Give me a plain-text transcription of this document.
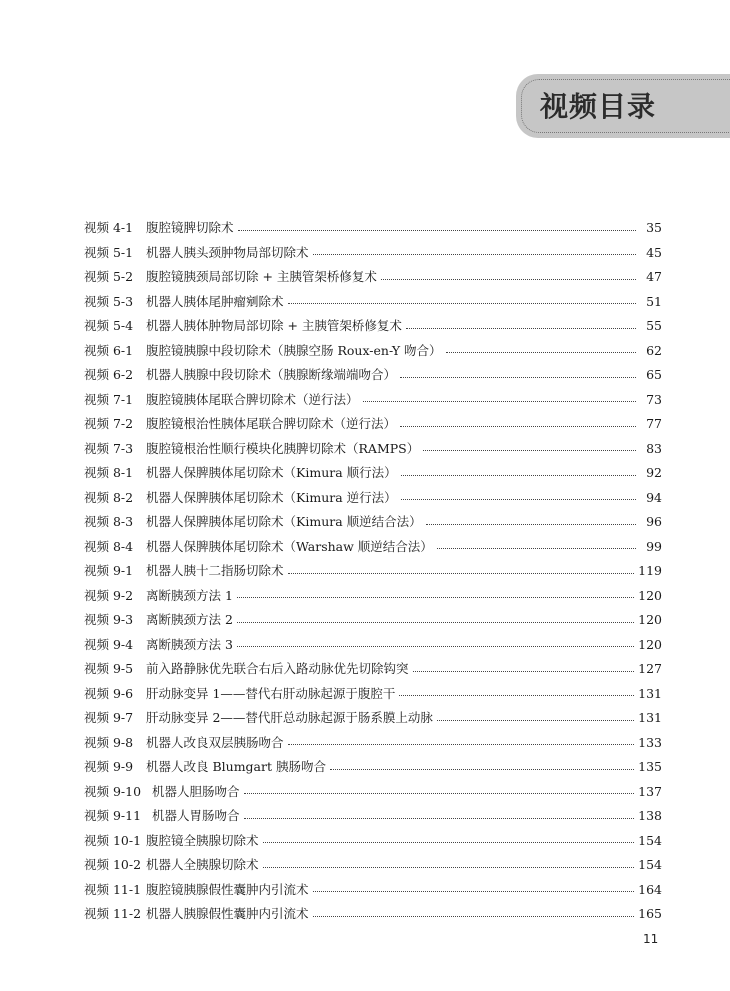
视频目录
视频 4-1	腹腔镜脾切除术	35
视频 5-1	机器人胰头颈肿物局部切除术	45
视频 5-2	腹腔镜胰颈局部切除 + 主胰管架桥修复术	47
视频 5-3	机器人胰体尾肿瘤剜除术	51
视频 5-4	机器人胰体肿物局部切除 + 主胰管架桥修复术	55
视频 6-1	腹腔镜胰腺中段切除术（胰腺空肠 Roux-en-Y 吻合）	62
视频 6-2	机器人胰腺中段切除术（胰腺断缘端端吻合）	65
视频 7-1	腹腔镜胰体尾联合脾切除术（逆行法）	73
视频 7-2	腹腔镜根治性胰体尾联合脾切除术（逆行法）	77
视频 7-3	腹腔镜根治性顺行模块化胰脾切除术（RAMPS）	83
视频 8-1	机器人保脾胰体尾切除术（Kimura 顺行法）	92
视频 8-2	机器人保脾胰体尾切除术（Kimura 逆行法）	94
视频 8-3	机器人保脾胰体尾切除术（Kimura 顺逆结合法）	96
视频 8-4	机器人保脾胰体尾切除术（Warshaw 顺逆结合法）	99
视频 9-1	机器人胰十二指肠切除术	119
视频 9-2	离断胰颈方法 1	120
视频 9-3	离断胰颈方法 2	120
视频 9-4	离断胰颈方法 3	120
视频 9-5	前入路静脉优先联合右后入路动脉优先切除钩突	127
视频 9-6	肝动脉变异 1——替代右肝动脉起源于腹腔干	131
视频 9-7	肝动脉变异 2——替代肝总动脉起源于肠系膜上动脉	131
视频 9-8	机器人改良双层胰肠吻合	133
视频 9-9	机器人改良 Blumgart 胰肠吻合	135
视频 9-10 机器人胆肠吻合	137
视频 9-11 机器人胃肠吻合	138
视频 10-1 腹腔镜全胰腺切除术	154
视频 10-2 机器人全胰腺切除术	154
视频 11-1 腹腔镜胰腺假性囊肿内引流术	164
视频 11-2 机器人胰腺假性囊肿内引流术	165
11
